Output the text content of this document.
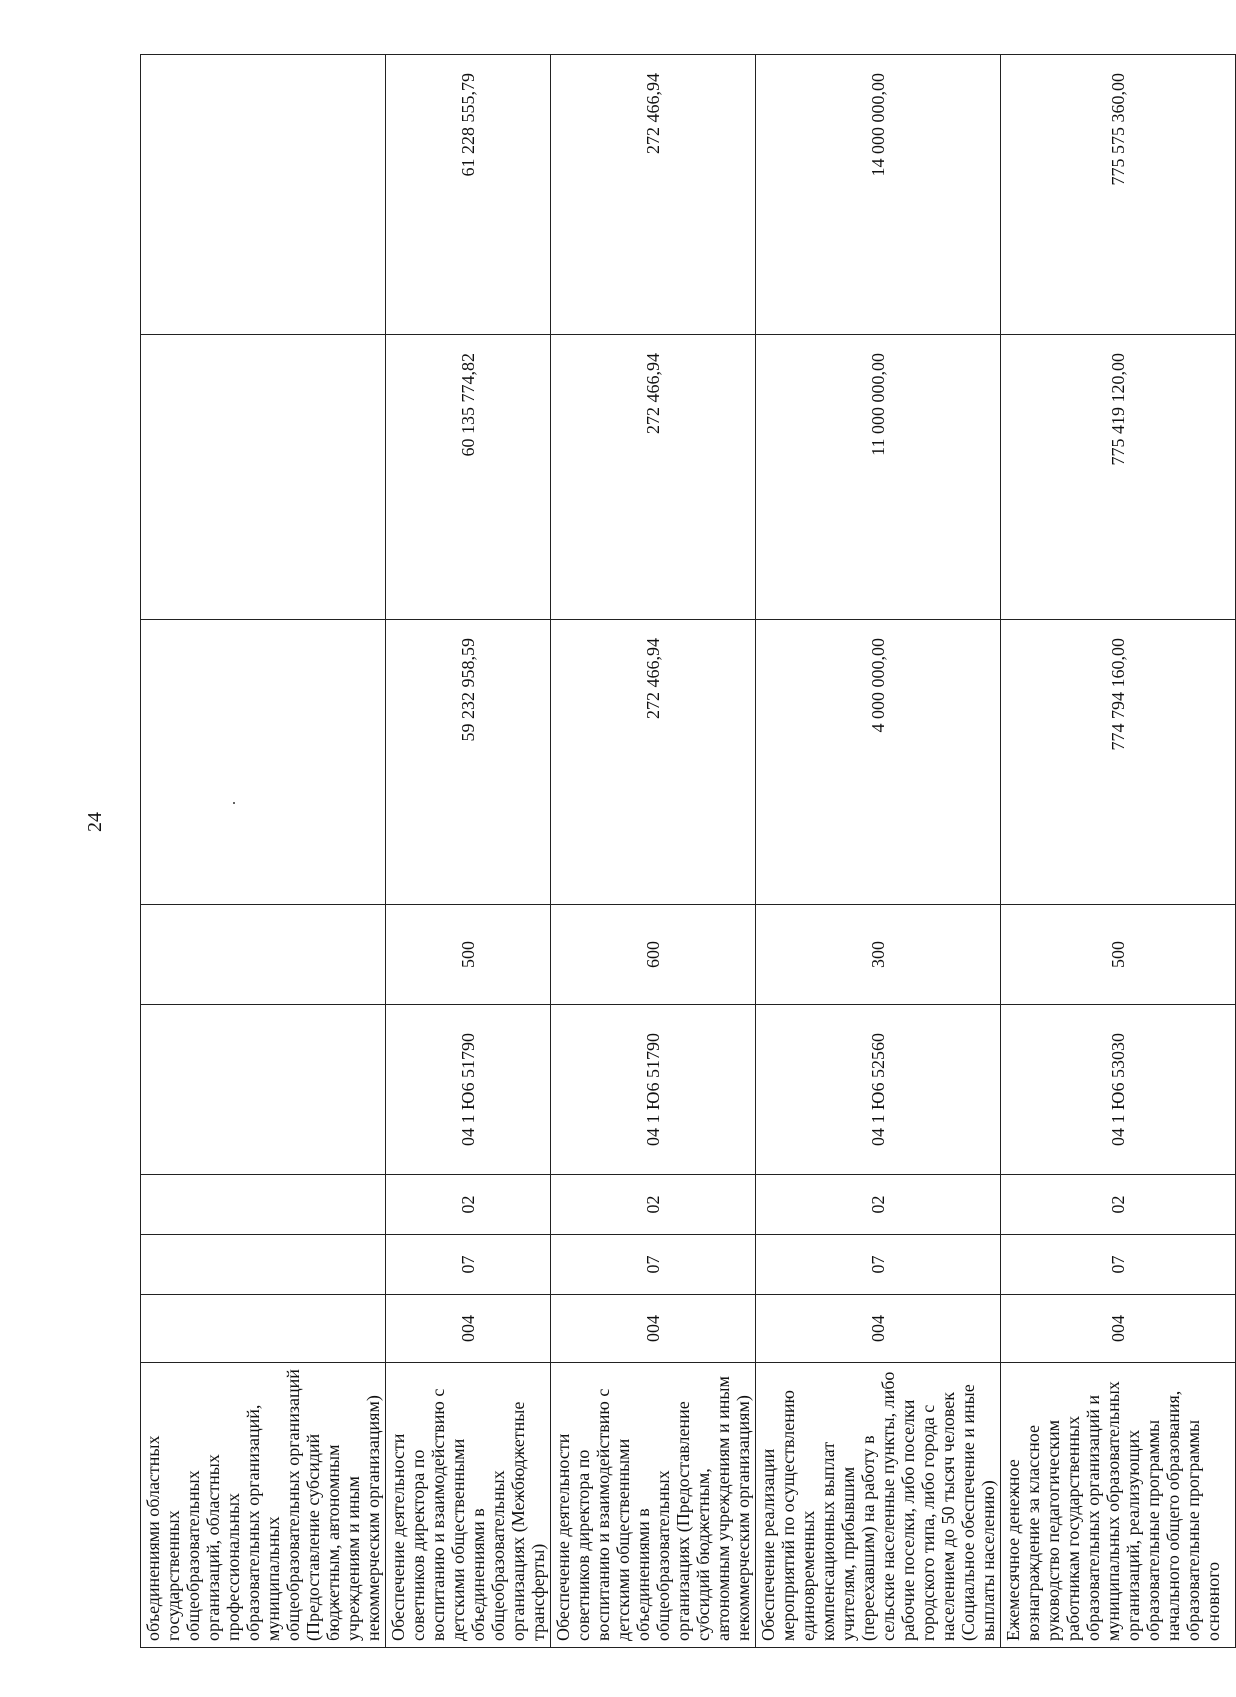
24
объединениями областных государственных общеобразовательных организаций, областных профессиональных образовательных организаций, муниципальных общеобразовательных организаций (Предоставление субсидий бюджетным, автономным учреждениям и иным некоммерческим организациям)								
Обеспечение деятельности советников директора по воспитанию и взаимодействию с детскими общественными объединениями в общеобразовательных организациях (Межбюджетные трансферты)	004	07	02	04 1 Ю6 51790	500	59 232 958,59	60 135 774,82	61 228 555,79
Обеспечение деятельности советников директора по воспитанию и взаимодействию с детскими общественными объединениями в общеобразовательных организациях (Предоставление субсидий бюджетным, автономным учреждениям и иным некоммерческим организациям)	004	07	02	04 1 Ю6 51790	600	272 466,94	272 466,94	272 466,94
Обеспечение реализации мероприятий по осуществлению единовременных компенсационных выплат учителям, прибывшим (переехавшим) на работу в сельские населенные пункты, либо рабочие поселки, либо поселки городского типа, либо города с населением до 50 тысяч человек (Социальное обеспечение и иные выплаты населению)	004	07	02	04 1 Ю6 52560	300	4 000 000,00	11 000 000,00	14 000 000,00
Ежемесячное денежное вознаграждение за классное руководство педагогическим работникам государственных образовательных организаций и муниципальных образовательных организаций, реализующих образовательные программы начального общего образования, образовательные программы основного	004	07	02	04 1 Ю6 53030	500	774 794 160,00	775 419 120,00	775 575 360,00
